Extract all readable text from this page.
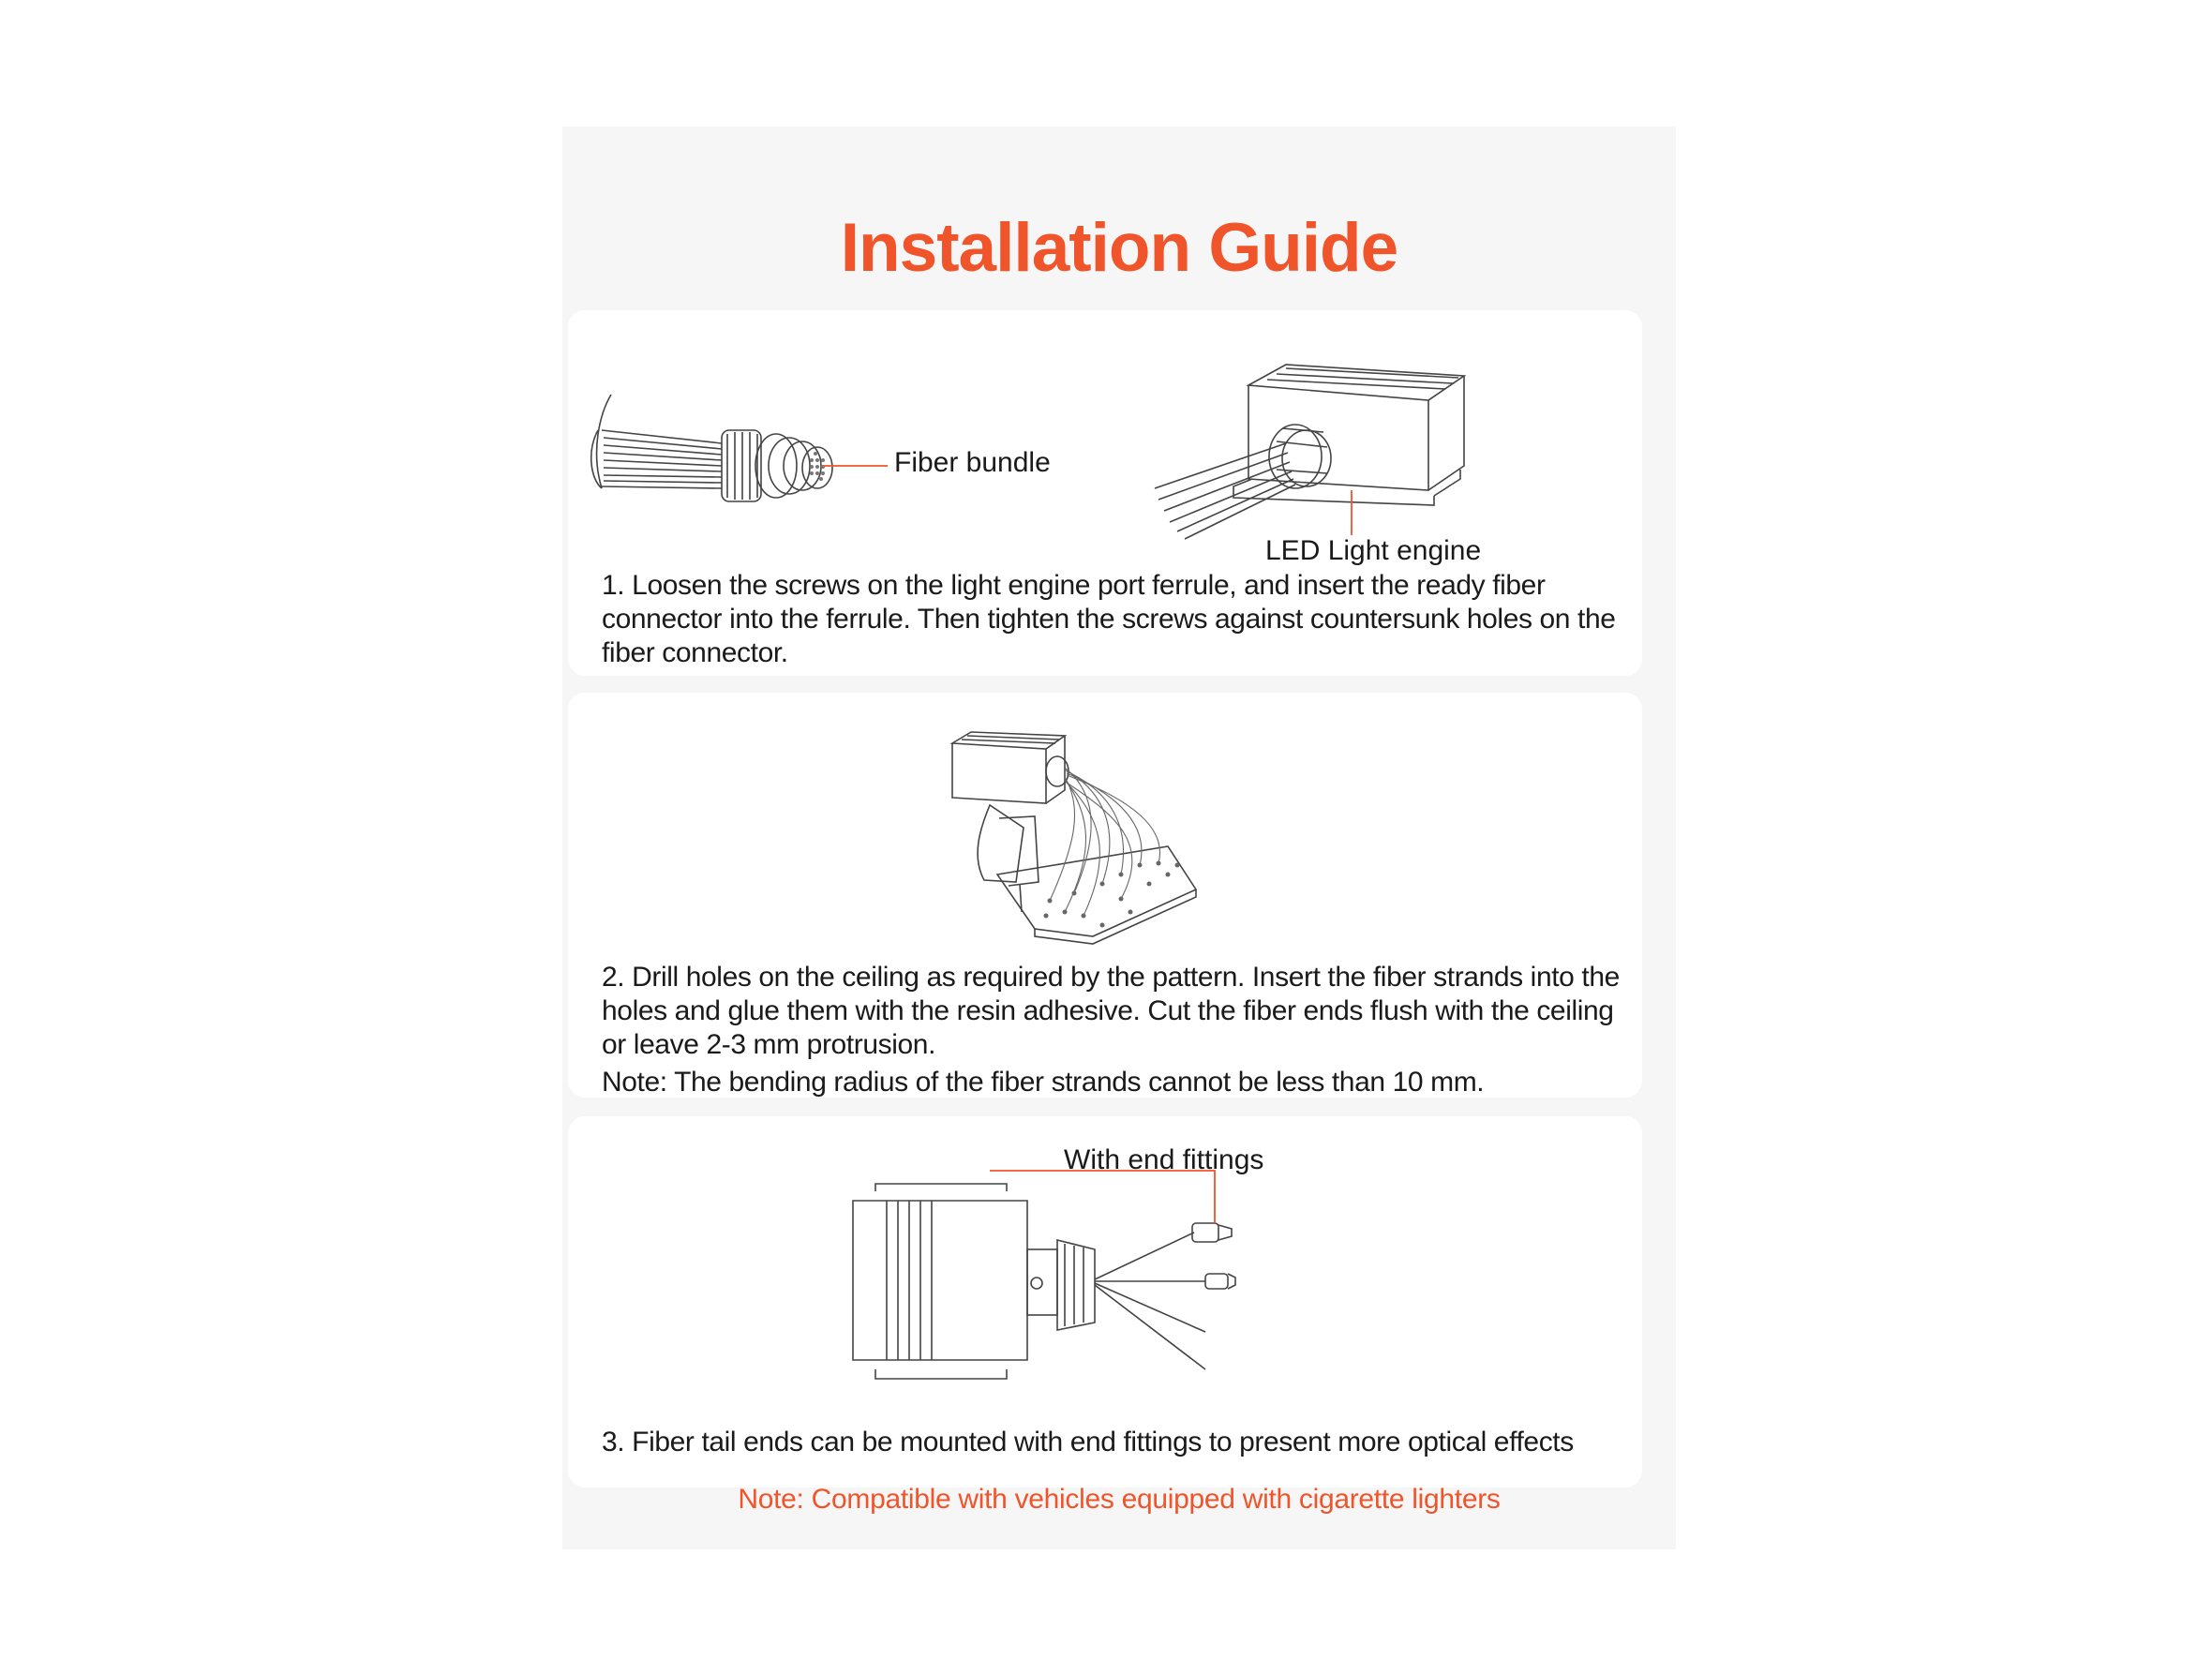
Installation Guide
Fiber bundle
LED Light engine
1. Loosen the screws on the light engine port ferrule, and insert the ready fiber connector into the ferrule. Then tighten the screws against countersunk holes on the fiber connector.
2. Drill holes on the ceiling as required by the pattern. Insert the fiber strands into the holes and glue them with the resin adhesive. Cut the fiber ends flush with the ceiling or leave 2-3 mm protrusion.
Note: The bending radius of the fiber strands cannot be less than 10 mm.
With end fittings
3. Fiber tail ends can be mounted with end fittings to present more optical effects
Note: Compatible with vehicles equipped with cigarette lighters
